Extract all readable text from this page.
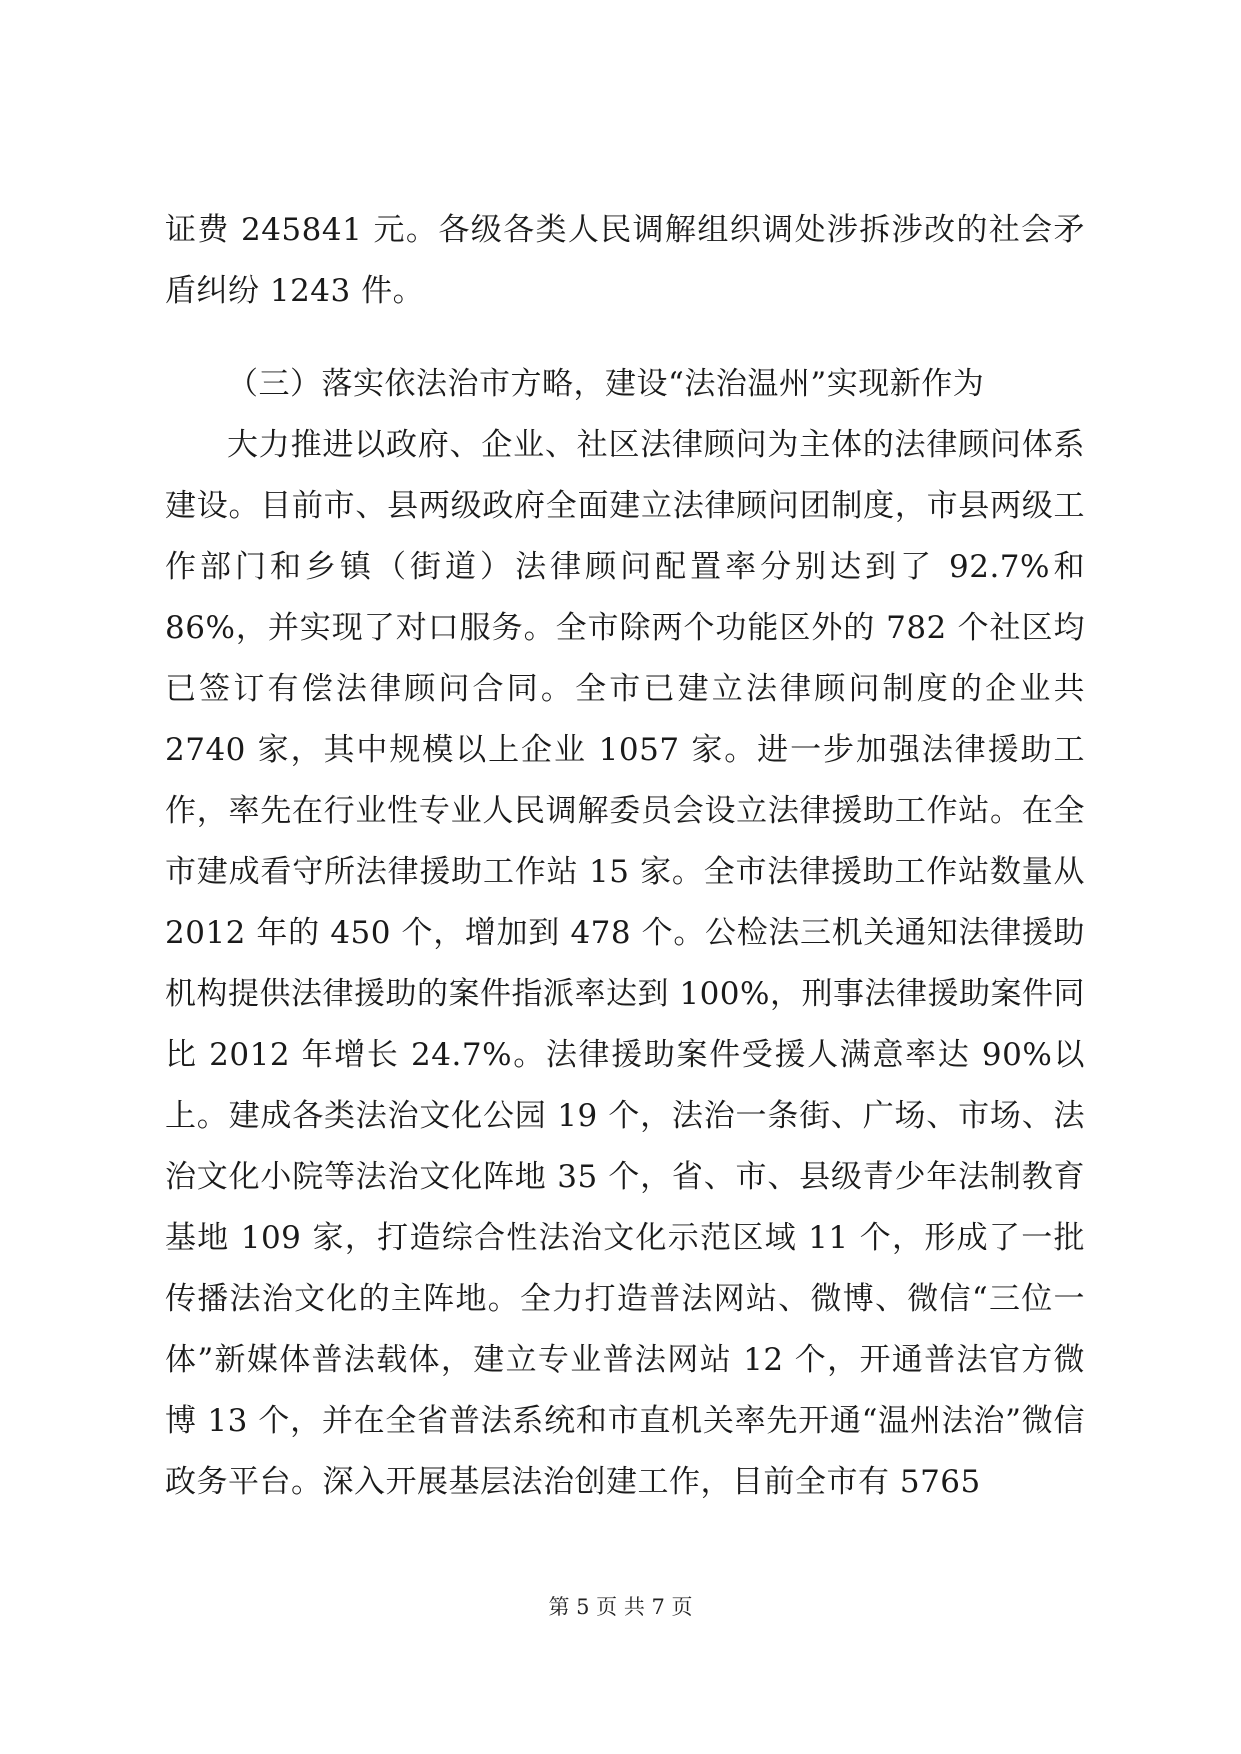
证费 245841 元。各级各类人民调解组织调处涉拆涉改的社会矛盾纠纷 1243 件。

（三）落实依法治市方略，建设“法治温州”实现新作为

大力推进以政府、企业、社区法律顾问为主体的法律顾问体系建设。目前市、县两级政府全面建立法律顾问团制度，市县两级工作部门和乡镇（街道）法律顾问配置率分别达到了 92.7%和 86%，并实现了对口服务。全市除两个功能区外的 782 个社区均已签订有偿法律顾问合同。全市已建立法律顾问制度的企业共 2740 家，其中规模以上企业 1057 家。进一步加强法律援助工作，率先在行业性专业人民调解委员会设立法律援助工作站。在全市建成看守所法律援助工作站 15 家。全市法律援助工作站数量从 2012 年的 450 个，增加到 478 个。公检法三机关通知法律援助机构提供法律援助的案件指派率达到 100%，刑事法律援助案件同比 2012 年增长 24.7%。法律援助案件受援人满意率达 90%以上。建成各类法治文化公园 19 个，法治一条街、广场、市场、法治文化小院等法治文化阵地 35 个，省、市、县级青少年法制教育基地 109 家，打造综合性法治文化示范区域 11 个，形成了一批传播法治文化的主阵地。全力打造普法网站、微博、微信“三位一体”新媒体普法载体，建立专业普法网站 12 个，开通普法官方微博 13 个，并在全省普法系统和市直机关率先开通“温州法治”微信政务平台。深入开展基层法治创建工作，目前全市有 5765

第 5 页 共 7 页
